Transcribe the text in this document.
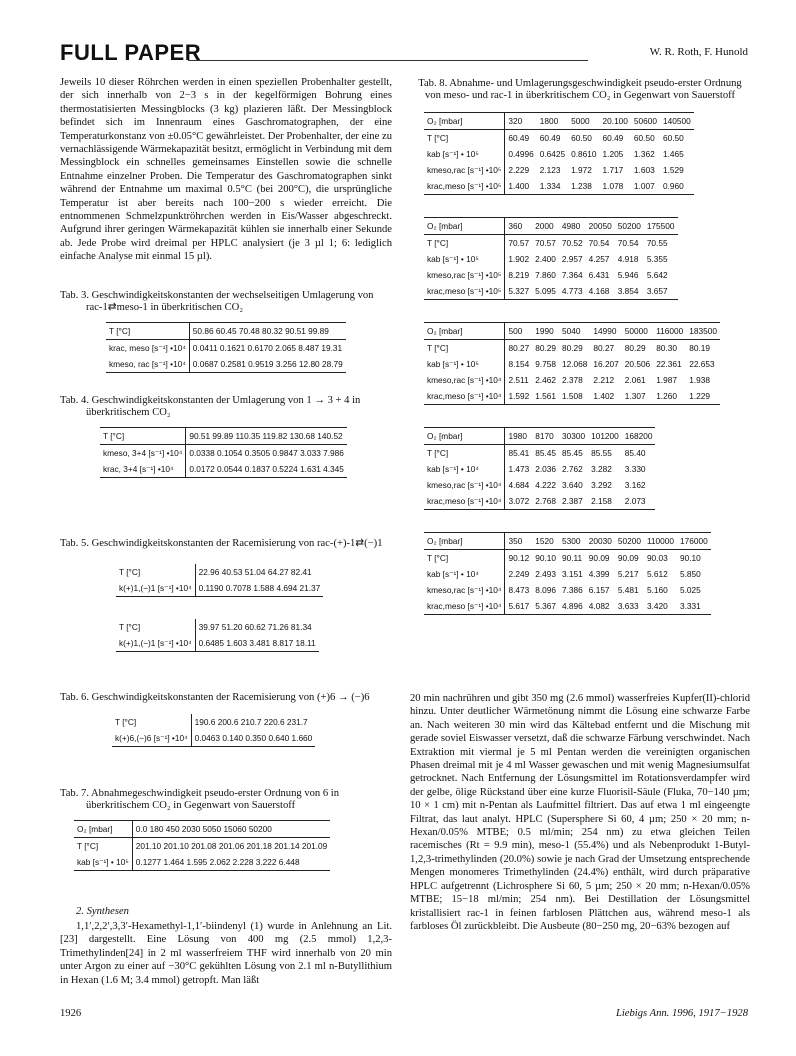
FULL PAPER	W. R. Roth, F. Hunold

Jeweils 10 dieser Röhrchen werden in einen speziellen Probenhalter gestellt, der sich innerhalb von 2−3 s in der kegelförmigen Bohrung eines thermostatisierten Messingblocks (3 kg) plazieren läßt. Der Messingblock befindet sich im Innenraum eines Gaschromatographen, der eine Temperaturkonstanz von ±0.05°C gewährleistet. Der Probenhalter, der eine zu vernachlässigende Wärmekapazität besitzt, ermöglicht in Verbindung mit dem Messingblock ein schnelles gemeinsames Einstellen sowie die schnelle Entnahme einzelner Proben. Die Temperatur des Gaschromatographen sinkt während der Entnahme um maximal 0.5°C (bei 200°C), die ursprüngliche Temperatur ist aber bereits nach 100−200 s wieder erreicht. Die entnommenen Schmelzpunktröhrchen werden in Eis/Wasser abgeschreckt. Aufgrund ihrer geringen Wärmekapazität kühlen sie innerhalb einer Sekunde ab. Jede Probe wird dreimal per HPLC analysiert (je 3 µl 1; 6: lediglich einfache Analyse mit einmal 15 µl).

Tab. 3. Geschwindigkeitskonstanten der wechselseitigen Umlagerung von rac-1⇄meso-1 in überkritischen CO₂

T [°C]	50.86 60.45 70.48 80.32 90.51 99.89
krac, meso [s⁻¹] •10⁴	0.0411 0.1621 0.6170 2.065 8.487 19.31
kmeso, rac [s⁻¹] •10⁴	0.0687 0.2581 0.9519 3.256 12.80 28.79

Tab. 4. Geschwindigkeitskonstanten der Umlagerung von 1 → 3 + 4 in überkritischem CO₂

T [°C]	90.51 99.89 110.35 119.82 130.68 140.52
kmeso, 3+4 [s⁻¹] •10⁴	0.0338 0.1054 0.3505 0.9847 3.033 7.986
krac, 3+4 [s⁻¹] •10⁴	0.0172 0.0544 0.1837 0.5224 1.631 4.345

Tab. 5. Geschwindigkeitskonstanten der Racemisierung von rac-(+)-1⇄(−)1

T [°C]	22.96 40.53 51.04 64.27 82.41
k(+)1,(−)1 [s⁻¹] •10⁴	0.1190 0.7078 1.588 4.694 21.37
T [°C]	39.97 51.20 60.62 71.26 81.34
k(+)1,(−)1 [s⁻¹] •10⁴	0.6485 1.603 3.481 8.817 18.11

Tab. 6. Geschwindigkeitskonstanten der Racemisierung von (+)6 → (−)6

T [°C]	190.6 200.6 210.7 220.6 231.7
k(+)6,(−)6 [s⁻¹] •10⁴	0.0463 0.140 0.350 0.640 1.660

Tab. 7. Abnahmegeschwindigkeit pseudo-erster Ordnung von 6 in überkritischem CO₂ in Gegenwart von Sauerstoff

O₂ [mbar]	0.0 180 450 2030 5050 15060 50200
T [°C]	201.10 201.10 201.08 201.06 201.18 201.14 201.09
kab [s⁻¹] • 10⁵	0.1277 1.464 1.595 2.062 2.228 3.222 6.448

2. Synthesen

1,1′,2,2′,3,3′-Hexamethyl-1,1′-biindenyl (1) wurde in Anlehnung an Lit.[23] dargestellt. Eine Lösung von 400 mg (2.5 mmol) 1,2,3-Trimethylinden[24] in 2 ml wasserfreiem THF wird innerhalb von 20 min unter Argon zu einer auf −30°C gekühlten Lösung von 2.1 ml n-Butyllithium in Hexan (1.6 M; 3.4 mmol) getropft. Man läßt

Tab. 8. Abnahme- und Umlagerungsgeschwindigkeit pseudo-erster Ordnung von meso- und rac-1 in überkritischem CO₂ in Gegenwart von Sauerstoff

O₂ [mbar]	320	1800	5000	20.100	50600	140500
T [°C]	60.49	60.49	60.50	60.49	60.50	60.50
kab [s⁻¹] • 10⁵	0.4996	0.6425	0.8610	1.205	1.362	1.465
kmeso,rac [s⁻¹] •10⁵	2.229	2.123	1.972	1.717	1.603	1.529
krac,meso [s⁻¹] •10⁵	1.400	1.334	1.238	1.078	1.007	0.960
O₂ [mbar]	360	2000	4980	20050	50200	175500
T [°C]	70.57	70.57	70.52	70.54	70.54	70.55
kab [s⁻¹] • 10⁵	1.902	2.400	2.957	4.257	4.918	5.355
kmeso,rac [s⁻¹] •10⁵	8.219	7.860	7.364	6.431	5.946	5.642
krac,meso [s⁻¹] •10⁵	5.327	5.095	4.773	4.168	3.854	3.657
O₂ [mbar]	500	1990	5040	14990	50000	116000	183500
T [°C]	80.27	80.29	80.29	80.27	80.29	80.30	80.19
kab [s⁻¹] • 10⁵	8.154	9.758	12.068	16.207	20.506	22.361	22.653
kmeso,rac [s⁻¹] •10⁴	2.511	2.462	2.378	2.212	2.061	1.987	1.938
krac,meso [s⁻¹] •10⁴	1.592	1.561	1.508	1.402	1.307	1.260	1.229
O₂ [mbar]	1980	8170	30300	101200	168200
T [°C]	85.41	85.45	85.45	85.55	85.40
kab [s⁻¹] • 10⁴	1.473	2.036	2.762	3.282	3.330
kmeso,rac [s⁻¹] •10⁴	4.684	4.222	3.640	3.292	3.162
krac,meso [s⁻¹] •10⁴	3.072	2.768	2.387	2.158	2.073
O₂ [mbar]	350	1520	5300	20030	50200	110000	176000
T [°C]	90.12	90.10	90.11	90.09	90.09	90.03	90.10
kab [s⁻¹] • 10⁴	2.249	2.493	3.151	4.399	5.217	5.612	5.850
kmeso,rac [s⁻¹] •10⁴	8.473	8.096	7.386	6.157	5.481	5.160	5.025
krac,meso [s⁻¹] •10⁴	5.617	5.367	4.896	4.082	3.633	3.420	3.331

20 min nachrühren und gibt 350 mg (2.6 mmol) wasserfreies Kupfer(II)-chlorid hinzu. Unter deutlicher Wärmetönung nimmt die Lösung eine schwarze Farbe an. Nach weiteren 30 min wird das Kältebad entfernt und die Mischung mit gerade soviel Eiswasser versetzt, daß die schwarze Färbung verschwindet. Nach Extraktion mit viermal je 5 ml Pentan werden die vereinigten organischen Phasen dreimal mit je 4 ml Wasser gewaschen und mit wenig Magnesiumsulfat getrocknet. Nach Entfernung der Lösungsmittel im Rotationsverdampfer wird der gelbe, ölige Rückstand über eine kurze Fluorisil-Säule (Fluka, 70−140 µm; 10 × 1 cm) mit n-Pentan als Laufmittel filtriert. Das auf etwa 1 ml eingeengte Filtrat, das laut analyt. HPLC (Supersphere Si 60, 4 µm; 250 × 20 mm; n-Hexan/0.05% MTBE; 0.5 ml/min; 254 nm) zu etwa gleichen Teilen racemisches (Rt = 9.9 min), meso-1 (55.4%) und als Nebenprodukt 1-Butyl-1,2,3-trimethylinden (20.0%) sowie je nach Grad der Umsetzung entsprechende Mengen monomeres Trimethylinden (24.4%) enthält, wird durch präparative HPLC aufgetrennt (Lichrosphere Si 60, 5 µm; 250 × 20 mm; n-Hexan/0.05% MTBE; 15−18 ml/min; 254 nm). Bei Destillation der Lösungsmittel kristallisiert rac-1 in feinen farblosen Plättchen aus, während meso-1 als farbloses Öl zurückbleibt. Die Ausbeute (80−250 mg, 20−63% bezogen auf

1926	Liebigs Ann. 1996, 1917−1928
